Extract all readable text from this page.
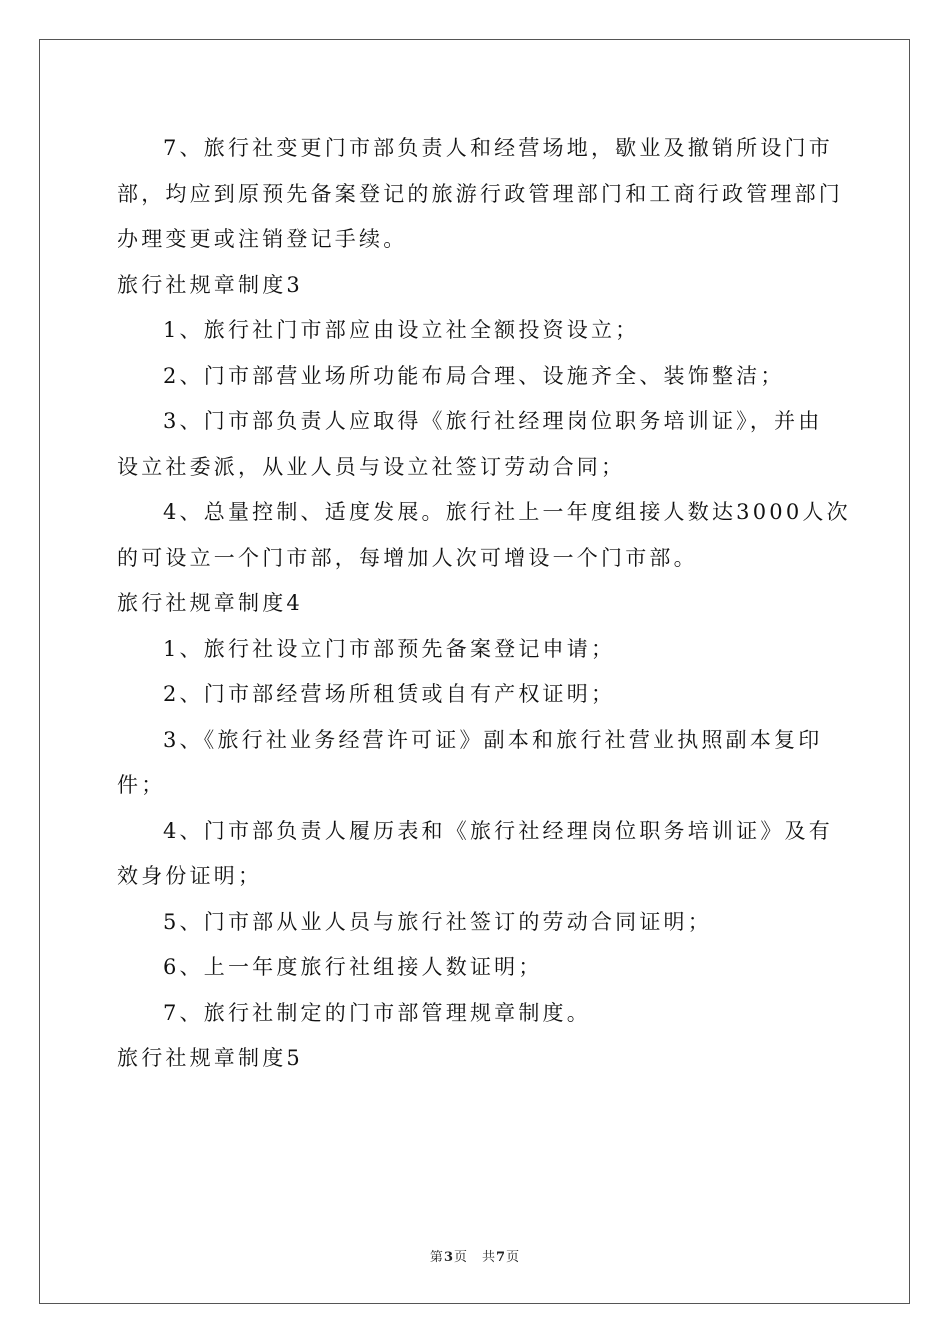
7、旅行社变更门市部负责人和经营场地，歇业及撤销所设门市
部，均应到原预先备案登记的旅游行政管理部门和工商行政管理部门
办理变更或注销登记手续。
旅行社规章制度3
1、旅行社门市部应由设立社全额投资设立；
2、门市部营业场所功能布局合理、设施齐全、装饰整洁；
3、门市部负责人应取得《旅行社经理岗位职务培训证》，并由
设立社委派，从业人员与设立社签订劳动合同；
4、总量控制、适度发展。旅行社上一年度组接人数达3000人次
的可设立一个门市部，每增加人次可增设一个门市部。
旅行社规章制度4
1、旅行社设立门市部预先备案登记申请；
2、门市部经营场所租赁或自有产权证明；
3、《旅行社业务经营许可证》副本和旅行社营业执照副本复印
件；
4、门市部负责人履历表和《旅行社经理岗位职务培训证》及有
效身份证明；
5、门市部从业人员与旅行社签订的劳动合同证明；
6、上一年度旅行社组接人数证明；
7、旅行社制定的门市部管理规章制度。
旅行社规章制度5
第3页 共7页
